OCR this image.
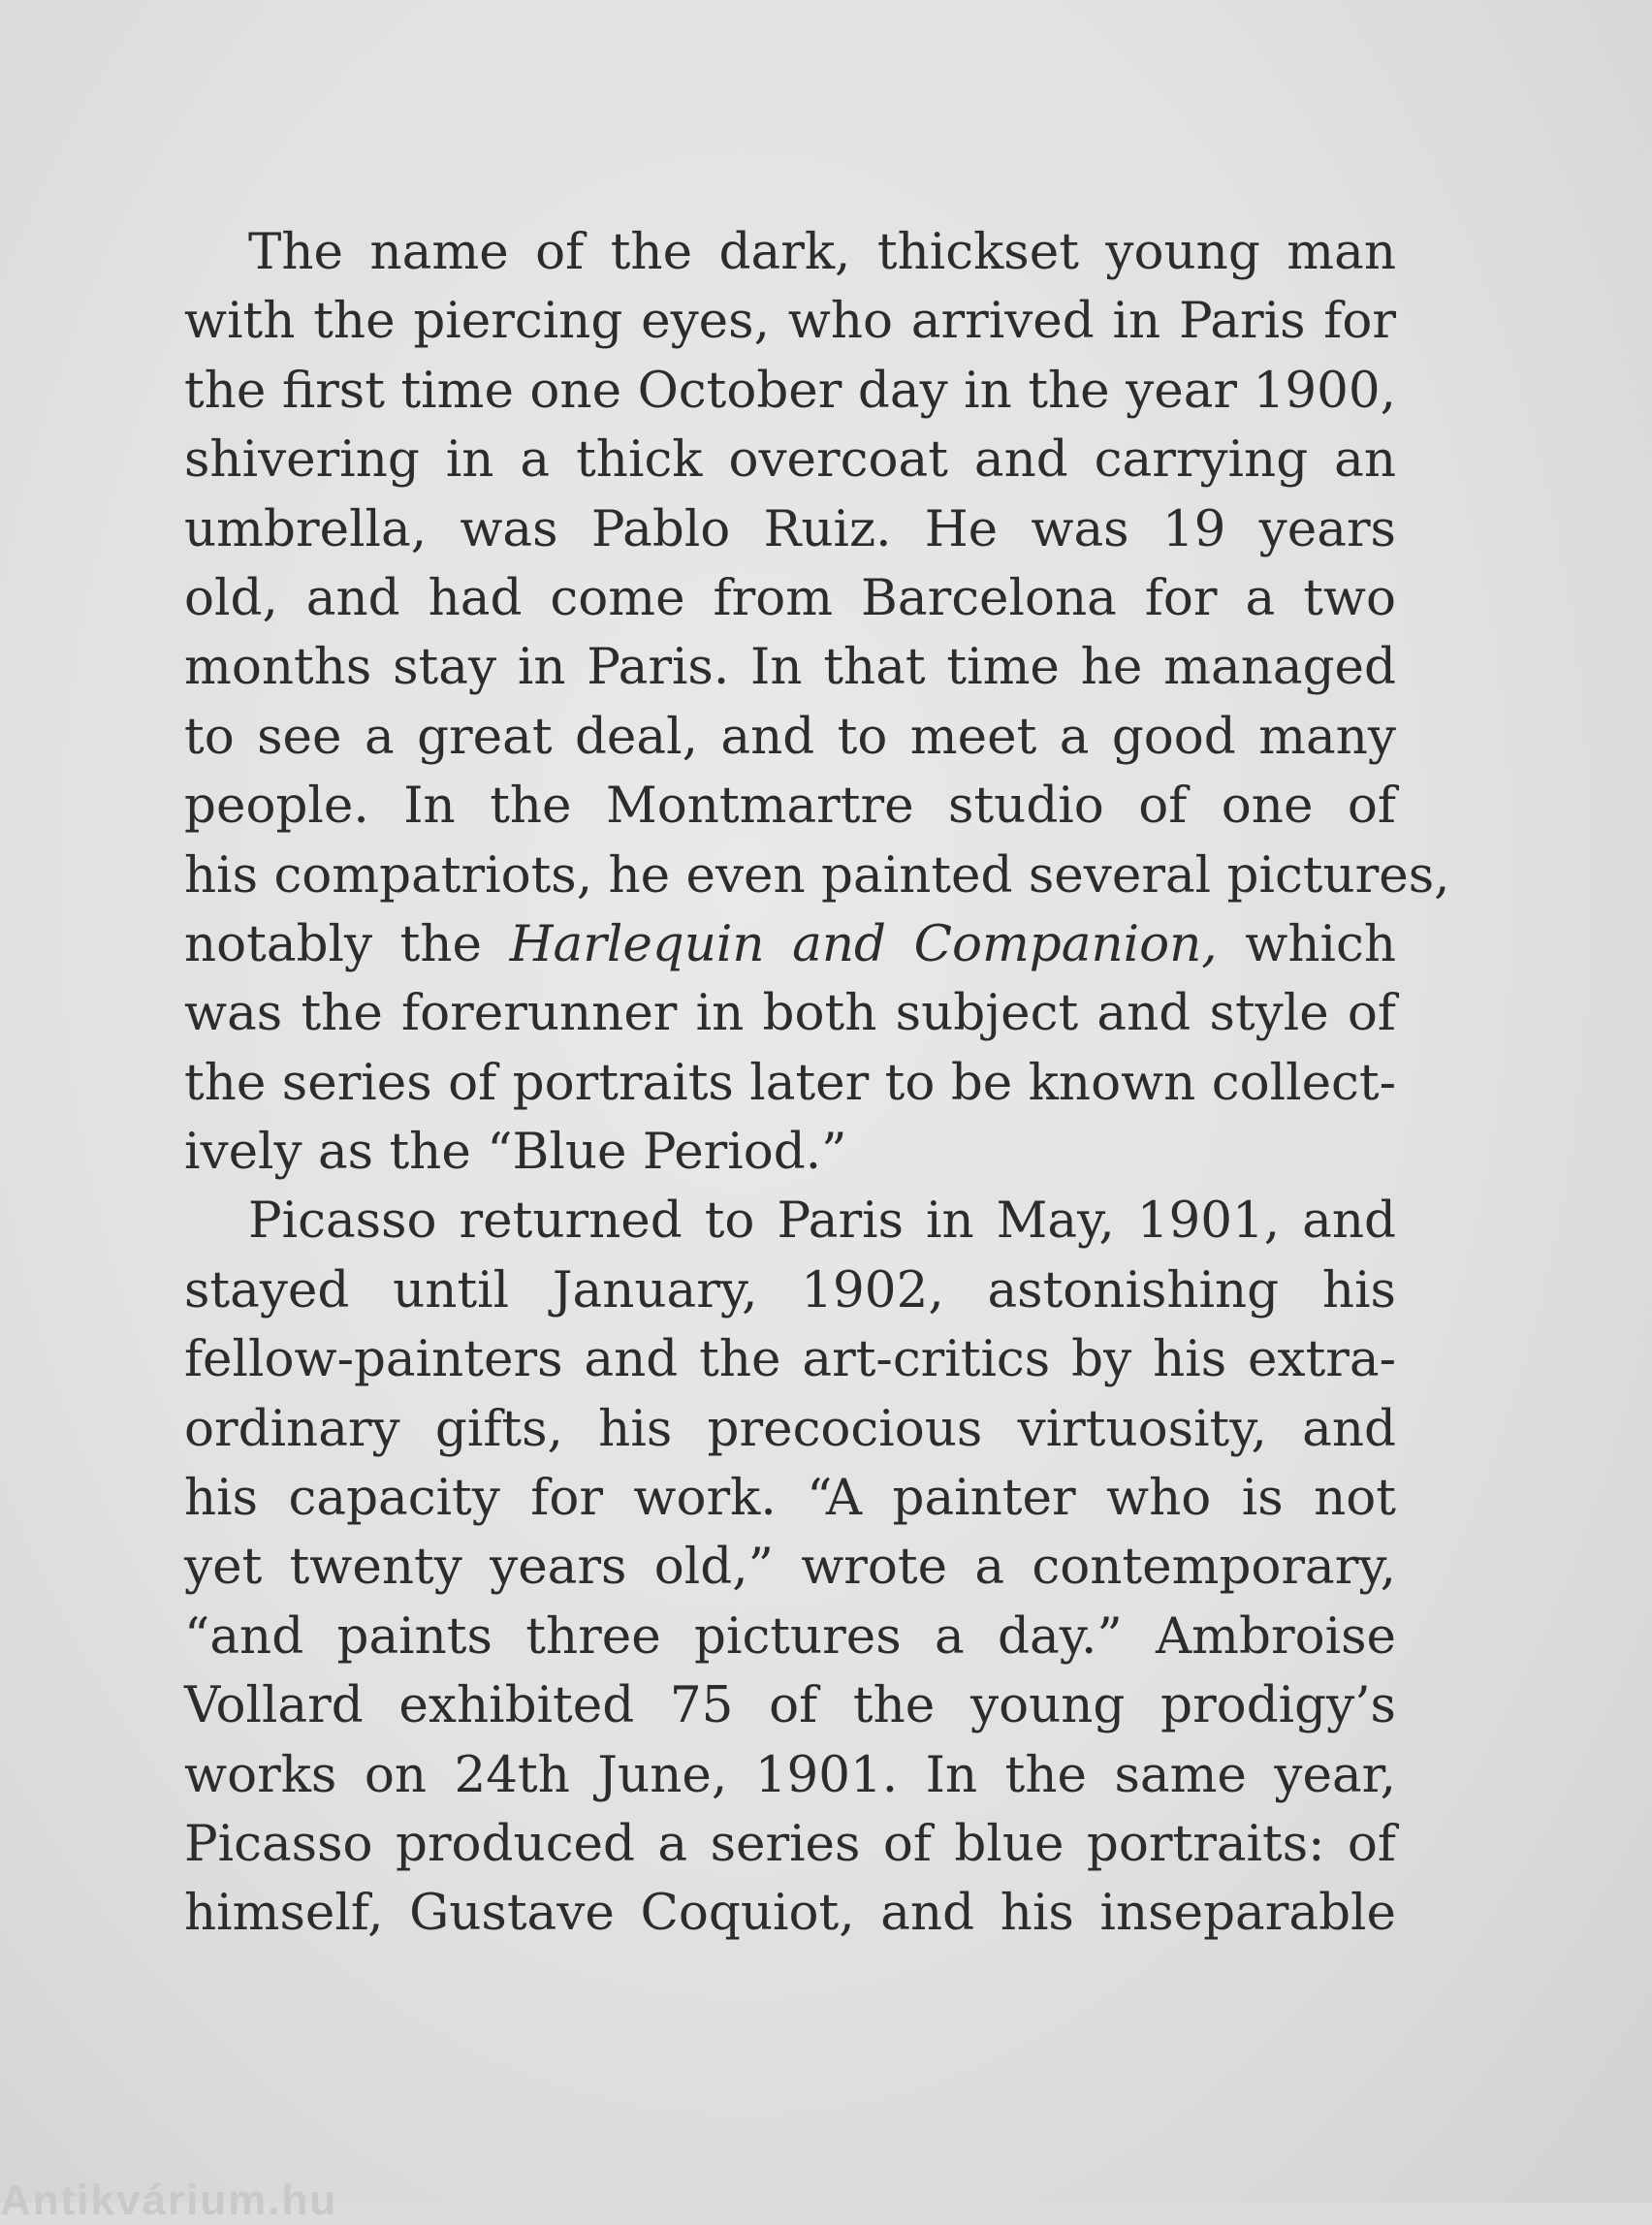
The name of the dark, thickset young man
with the piercing eyes, who arrived in Paris for
the first time one October day in the year 1900,
shivering in a thick overcoat and carrying an
umbrella, was Pablo Ruiz. He was 19 years
old, and had come from Barcelona for a two
months stay in Paris. In that time he managed
to see a great deal, and to meet a good many
people. In the Montmartre studio of one of
his compatriots, he even painted several pictures,
notably the Harlequin and Companion, which
was the forerunner in both subject and style of
the series of portraits later to be known collect-
ively as the “Blue Period.”
Picasso returned to Paris in May, 1901, and
stayed until January, 1902, astonishing his
fellow-painters and the art-critics by his extra-
ordinary gifts, his precocious virtuosity, and
his capacity for work. “A painter who is not
yet twenty years old,” wrote a contemporary,
“and paints three pictures a day.” Ambroise
Vollard exhibited 75 of the young prodigy’s
works on 24th June, 1901. In the same year,
Picasso produced a series of blue portraits: of
himself, Gustave Coquiot, and his inseparable
Antikvárium.hu
